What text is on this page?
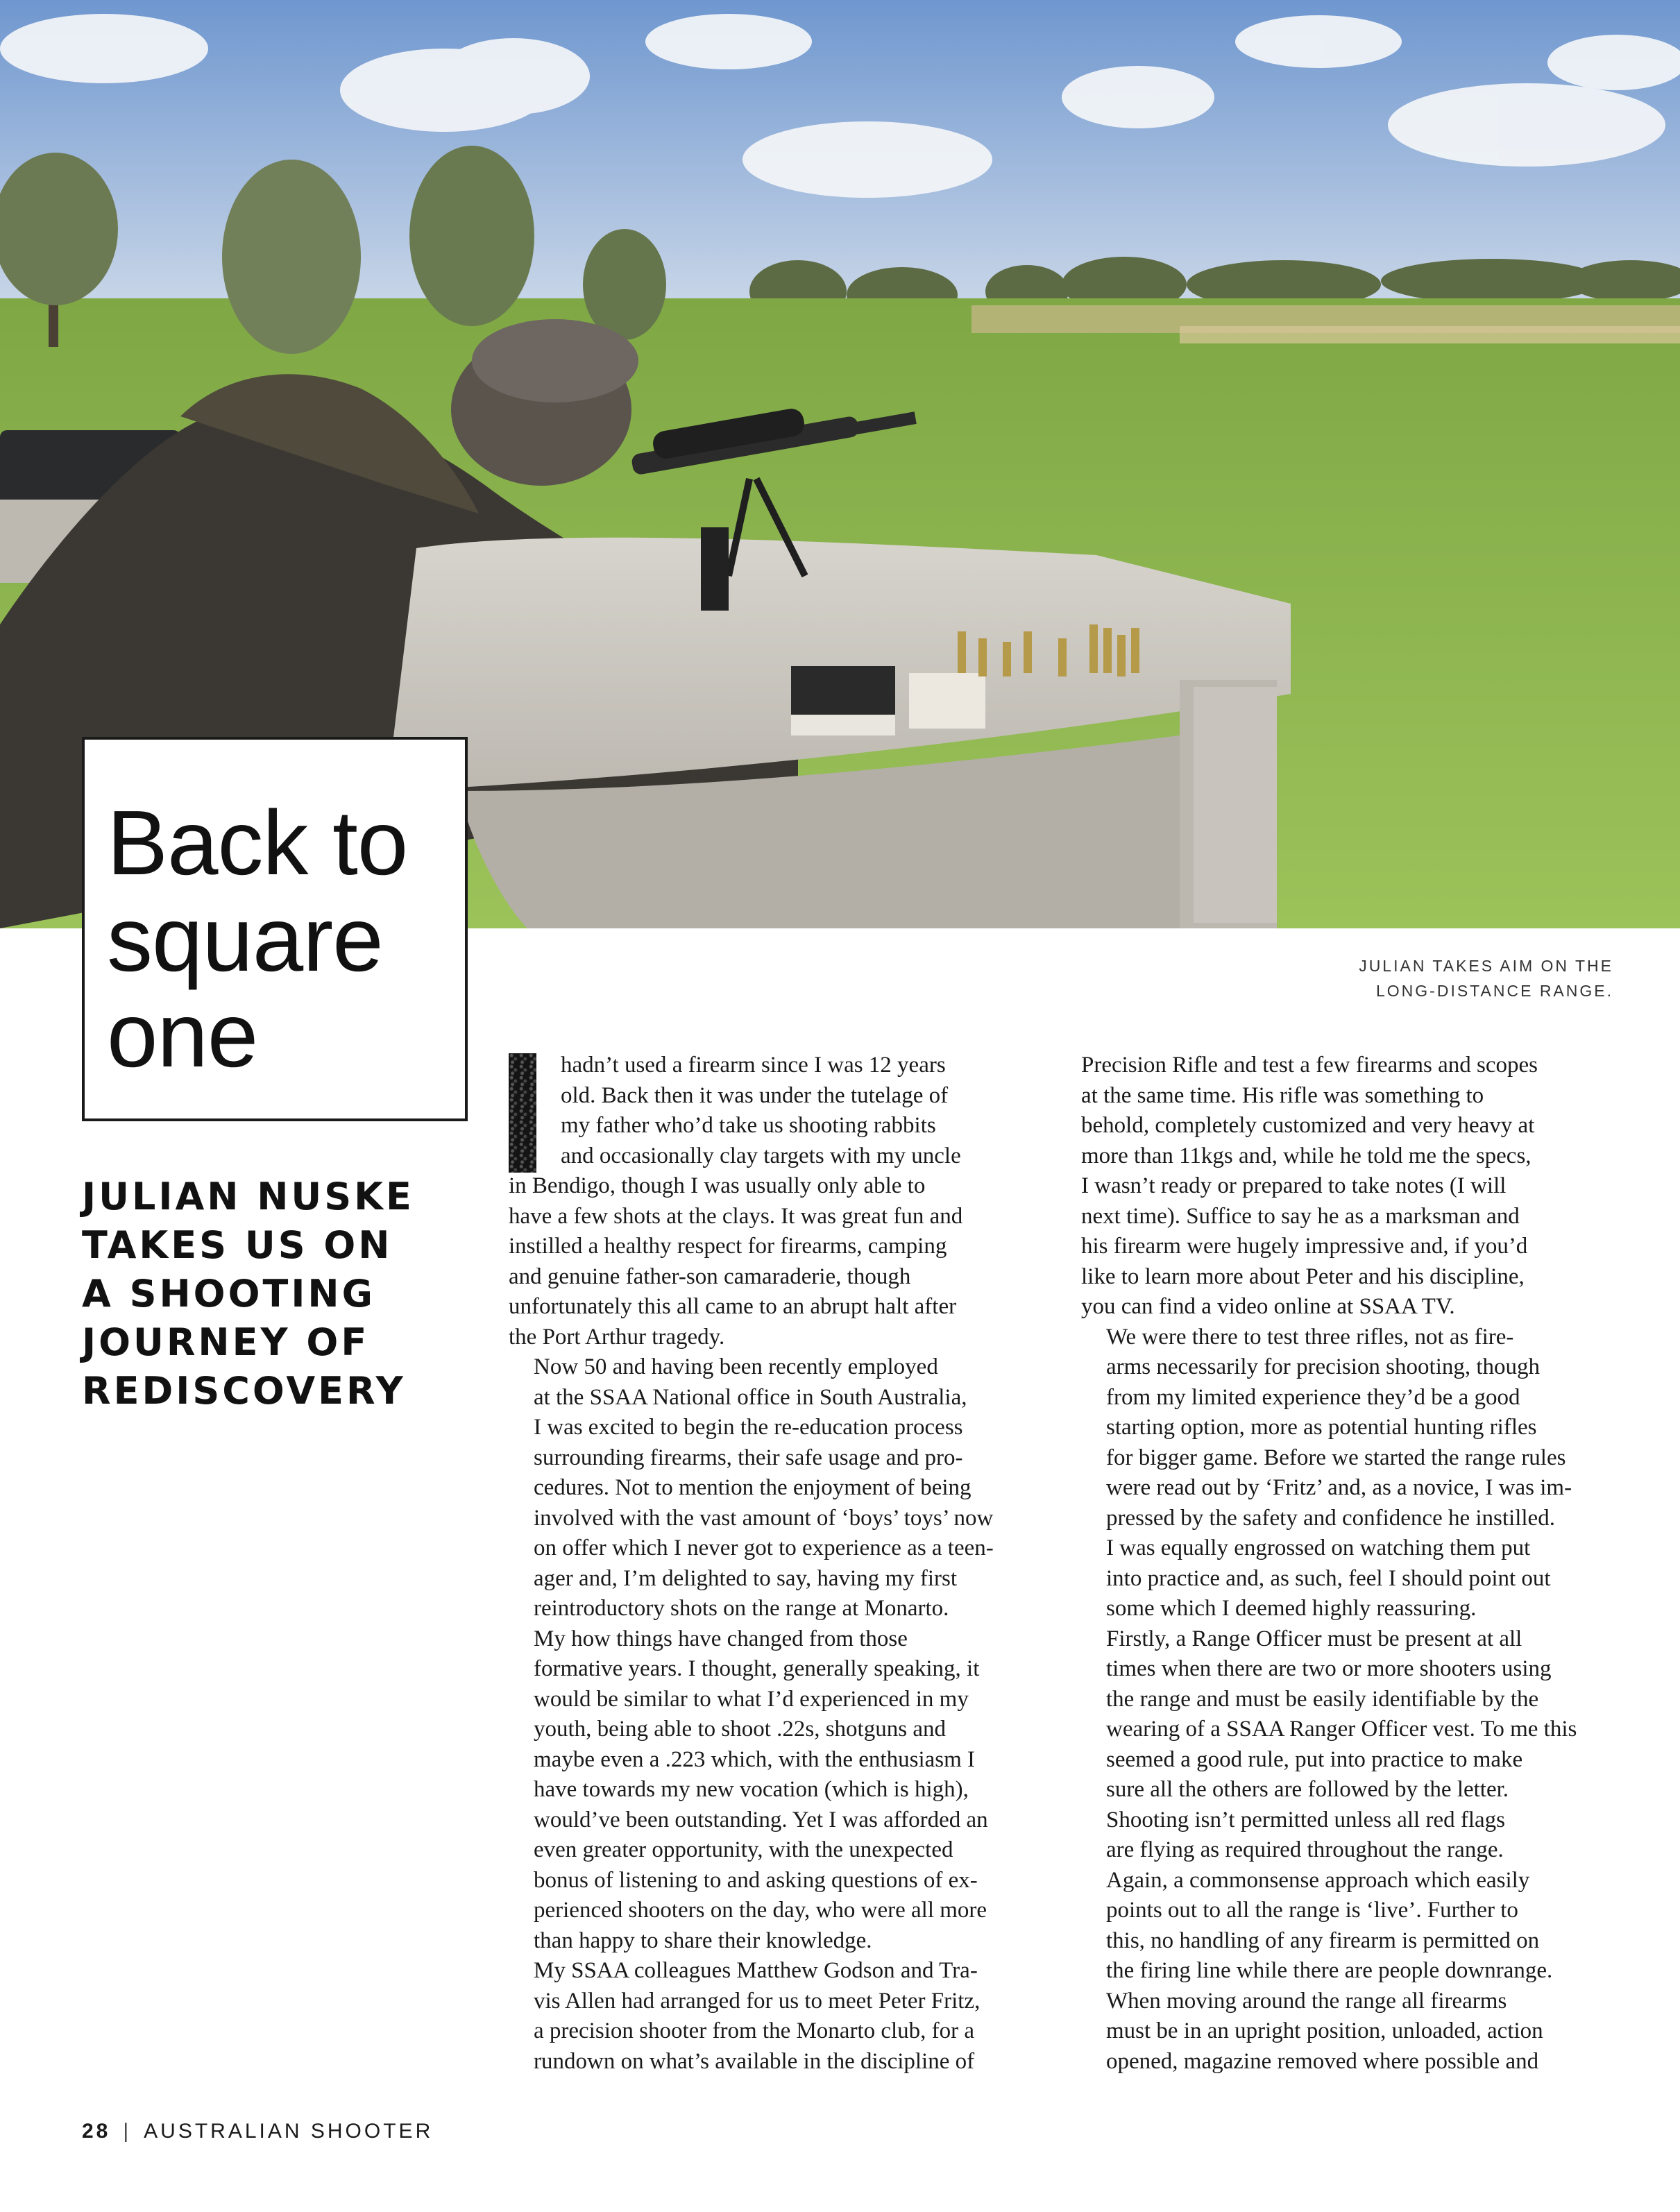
Back to
square
one
JULIAN NUSKE
TAKES US ON
A SHOOTING
JOURNEY OF
REDISCOVERY
JULIAN TAKES AIM ON THE
LONG-DISTANCE RANGE.

hadn’t used a firearm since I was 12 years
old. Back then it was under the tutelage of
my father who’d take us shooting rabbits
and occasionally clay targets with my uncle
in Bendigo, though I was usually only able to
have a few shots at the clays. It was great fun and
instilled a healthy respect for firearms, camping
and genuine father-son camaraderie, though
unfortunately this all came to an abrupt halt after
the Port Arthur tragedy.

Now 50 and having been recently employed
at the SSAA National office in South Australia,
I was excited to begin the re-education process
surrounding firearms, their safe usage and pro-
cedures. Not to mention the enjoyment of being
involved with the vast amount of ‘boys’ toys’ now
on offer which I never got to experience as a teen-
ager and, I’m delighted to say, having my first
reintroductory shots on the range at Monarto.

My how things have changed from those
formative years. I thought, generally speaking, it
would be similar to what I’d experienced in my
youth, being able to shoot .22s, shotguns and
maybe even a .223 which, with the enthusiasm I
have towards my new vocation (which is high),
would’ve been outstanding. Yet I was afforded an
even greater opportunity, with the unexpected
bonus of listening to and asking questions of ex-
perienced shooters on the day, who were all more
than happy to share their knowledge.

My SSAA colleagues Matthew Godson and Tra-
vis Allen had arranged for us to meet Peter Fritz,
a precision shooter from the Monarto club, for a
rundown on what’s available in the discipline of

Precision Rifle and test a few firearms and scopes
at the same time. His rifle was something to
behold, completely customized and very heavy at
more than 11kgs and, while he told me the specs,
I wasn’t ready or prepared to take notes (I will
next time). Suffice to say he as a marksman and
his firearm were hugely impressive and, if you’d
like to learn more about Peter and his discipline,
you can find a video online at SSAA TV.

We were there to test three rifles, not as fire-
arms necessarily for precision shooting, though
from my limited experience they’d be a good
starting option, more as potential hunting rifles
for bigger game. Before we started the range rules
were read out by ‘Fritz’ and, as a novice, I was im-
pressed by the safety and confidence he instilled.
I was equally engrossed on watching them put
into practice and, as such, feel I should point out
some which I deemed highly reassuring.

Firstly, a Range Officer must be present at all
times when there are two or more shooters using
the range and must be easily identifiable by the
wearing of a SSAA Ranger Officer vest. To me this
seemed a good rule, put into practice to make
sure all the others are followed by the letter.

Shooting isn’t permitted unless all red flags
are flying as required throughout the range.
Again, a commonsense approach which easily
points out to all the range is ‘live’. Further to
this, no handling of any firearm is permitted on
the firing line while there are people downrange.
When moving around the range all firearms
must be in an upright position, unloaded, action
opened, magazine removed where possible and

28 | AUSTRALIAN SHOOTER
